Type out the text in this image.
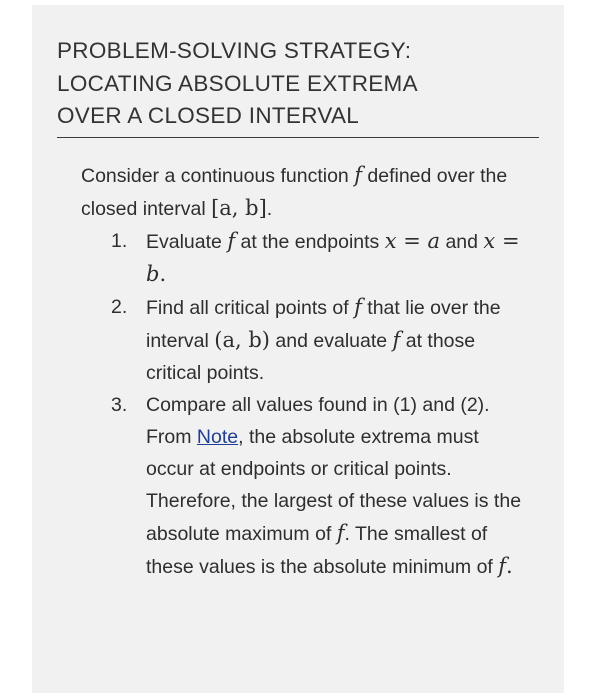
PROBLEM-SOLVING STRATEGY:
LOCATING ABSOLUTE EXTREMA
OVER A CLOSED INTERVAL

Consider a continuous function f defined over the closed interval [a, b].

1. Evaluate f at the endpoints x = a and x = b.
2. Find all critical points of f that lie over the interval (a, b) and evaluate f at those critical points.
3. Compare all values found in (1) and (2). From Note, the absolute extrema must occur at endpoints or critical points. Therefore, the largest of these values is the absolute maximum of f. The smallest of these values is the absolute minimum of f.
